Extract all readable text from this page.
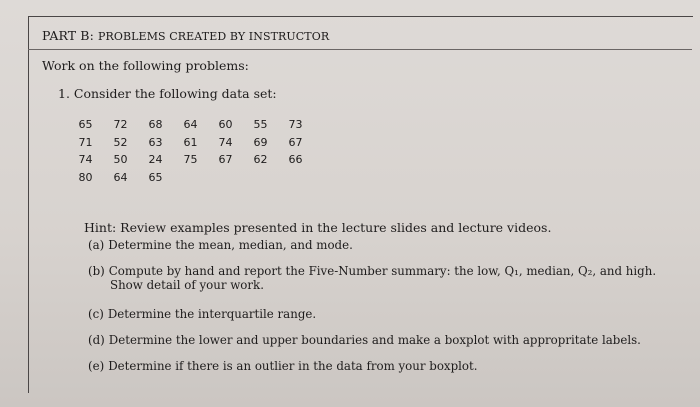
PART B: PROBLEMS CREATED BY INSTRUCTOR
Work on the following problems:
1. Consider the following data set:
65	72	68	64	60	55	73
71	52	63	61	74	69	67
74	50	24	75	67	62	66
80	64	65				
Hint: Review examples presented in the lecture slides and lecture videos.
(a) Determine the mean, median, and mode.
(b) Compute by hand and report the Five-Number summary: the low, Q₁, median, Q₂, and high.
Show detail of your work.
(c) Determine the interquartile range.
(d) Determine the lower and upper boundaries and make a boxplot with appropritate labels.
(e) Determine if there is an outlier in the data from your boxplot.
